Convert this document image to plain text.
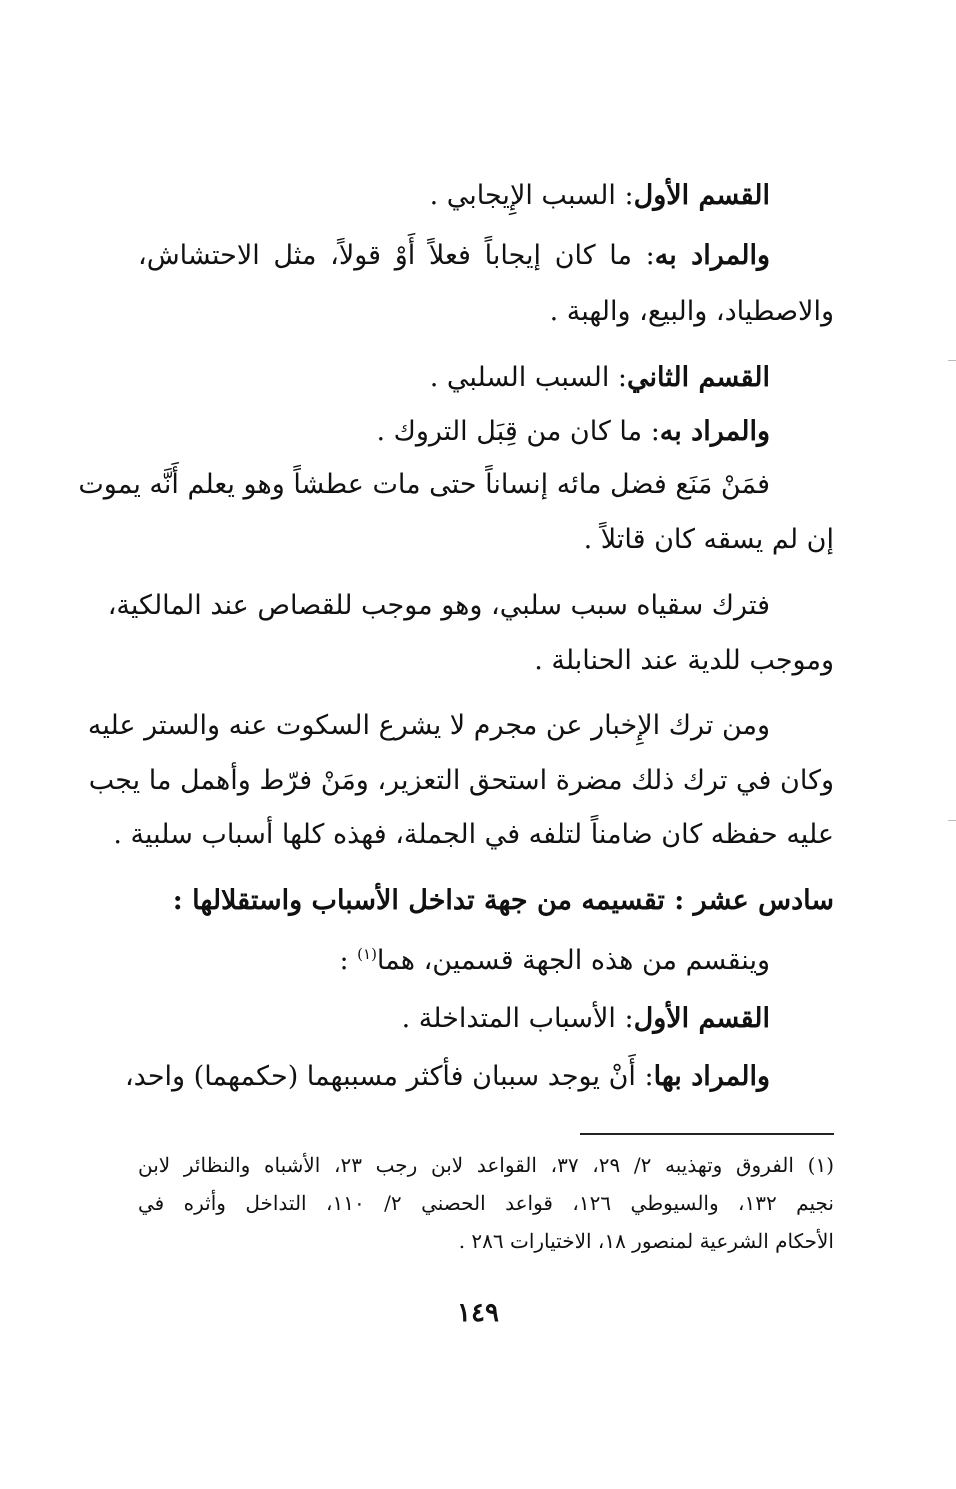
القسم الأول: السبب الإِيجابي .
والمراد به: ما كان إيجاباً فعلاً أَوْ قولاً، مثل الاحتشاش،
والاصطياد، والبيع، والهبة .
القسم الثاني: السبب السلبي .
والمراد به: ما كان من قِبَل التروك .
فمَنْ مَنَع فضل مائه إنساناً حتى مات عطشاً وهو يعلم أَنَّه يموت
إن لم يسقه كان قاتلاً .
فترك سقياه سبب سلبي، وهو موجب للقصاص عند المالكية،
وموجب للدية عند الحنابلة .
ومن ترك الإِخبار عن مجرم لا يشرع السكوت عنه والستر عليه
وكان في ترك ذلك مضرة استحق التعزير، ومَنْ فرّط وأهمل ما يجب
عليه حفظه كان ضامناً لتلفه في الجملة، فهذه كلها أسباب سلبية .
سادس عشر : تقسيمه من جهة تداخل الأسباب واستقلالها :
وينقسم من هذه الجهة قسمين، هما$^{(١)}$ :
القسم الأول: الأسباب المتداخلة .
والمراد بها: أَنْ يوجد سببان فأكثر مسببهما (حكمهما) واحد،
(١) الفروق وتهذيبه ٢/ ٢٩، ٣٧، القواعد لابن رجب ٢٣، الأشباه والنظائر لابن
نجيم ١٣٢، والسيوطي ١٢٦، قواعد الحصني ٢/ ١١٠، التداخل وأثره في
الأحكام الشرعية لمنصور ١٨، الاختيارات ٢٨٦ .
١٤٩
